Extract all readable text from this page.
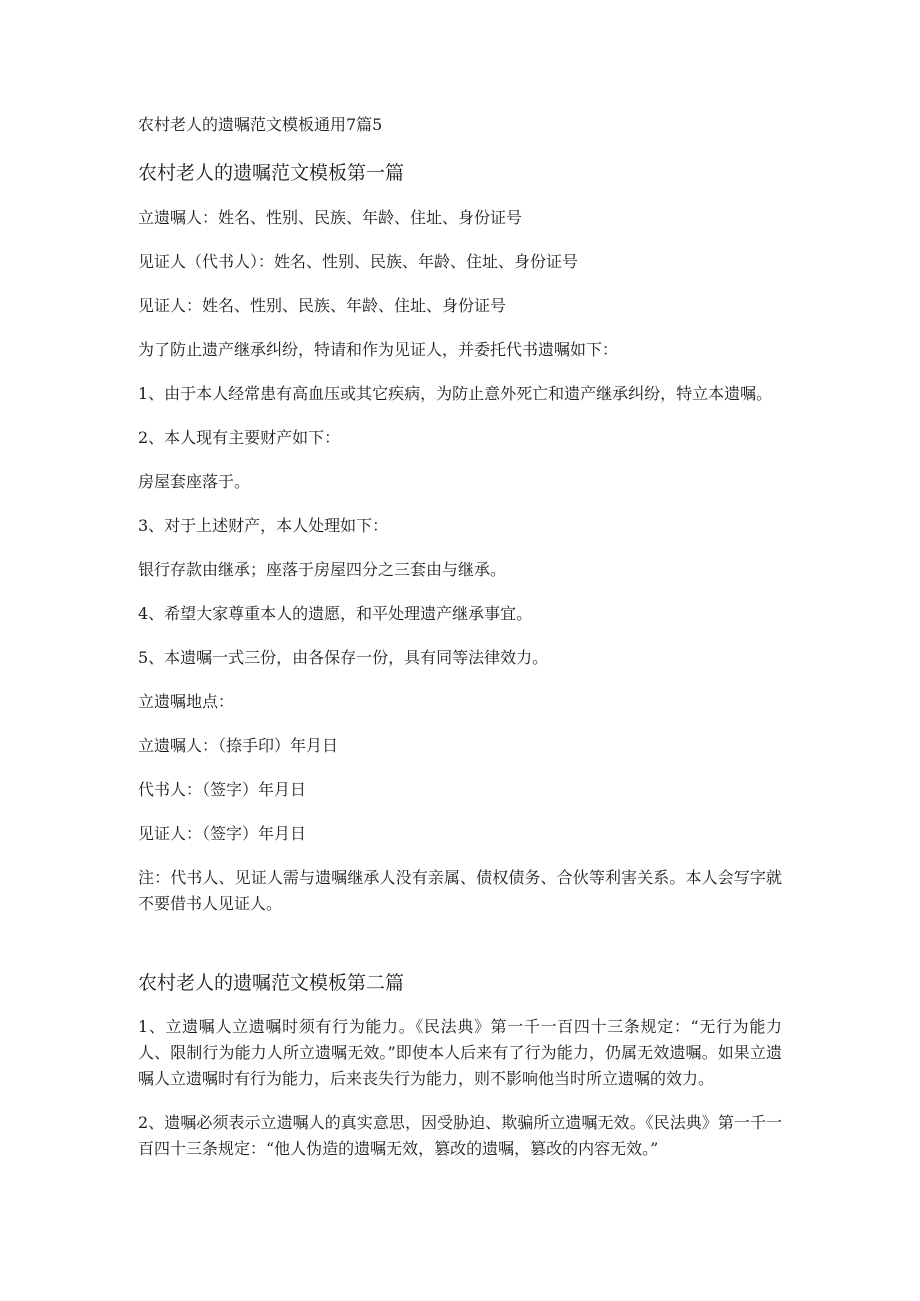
农村老人的遗嘱范文模板通用7篇5
农村老人的遗嘱范文模板第一篇

立遗嘱人：姓名、性别、民族、年龄、住址、身份证号

见证人（代书人）：姓名、性别、民族、年龄、住址、身份证号

见证人：姓名、性别、民族、年龄、住址、身份证号

为了防止遗产继承纠纷，特请和作为见证人，并委托代书遗嘱如下：

1、由于本人经常患有高血压或其它疾病，为防止意外死亡和遗产继承纠纷，特立本遗嘱。

2、本人现有主要财产如下：

房屋套座落于。

3、对于上述财产，本人处理如下：

银行存款由继承；座落于房屋四分之三套由与继承。

4、希望大家尊重本人的遗愿，和平处理遗产继承事宜。

5、本遗嘱一式三份，由各保存一份，具有同等法律效力。

立遗嘱地点：

立遗嘱人：（捺手印）年月日

代书人：（签字）年月日

见证人：（签字）年月日

注：代书人、见证人需与遗嘱继承人没有亲属、债权债务、合伙等利害关系。本人会写字就不要借书人见证人。

农村老人的遗嘱范文模板第二篇

1、立遗嘱人立遗嘱时须有行为能力。《民法典》第一千一百四十三条规定：“无行为能力人、限制行为能力人所立遗嘱无效。”即使本人后来有了行为能力，仍属无效遗嘱。如果立遗嘱人立遗嘱时有行为能力，后来丧失行为能力，则不影响他当时所立遗嘱的效力。

2、遗嘱必须表示立遗嘱人的真实意思，因受胁迫、欺骗所立遗嘱无效。《民法典》第一千一百四十三条规定：“他人伪造的遗嘱无效，篡改的遗嘱，篡改的内容无效。”
